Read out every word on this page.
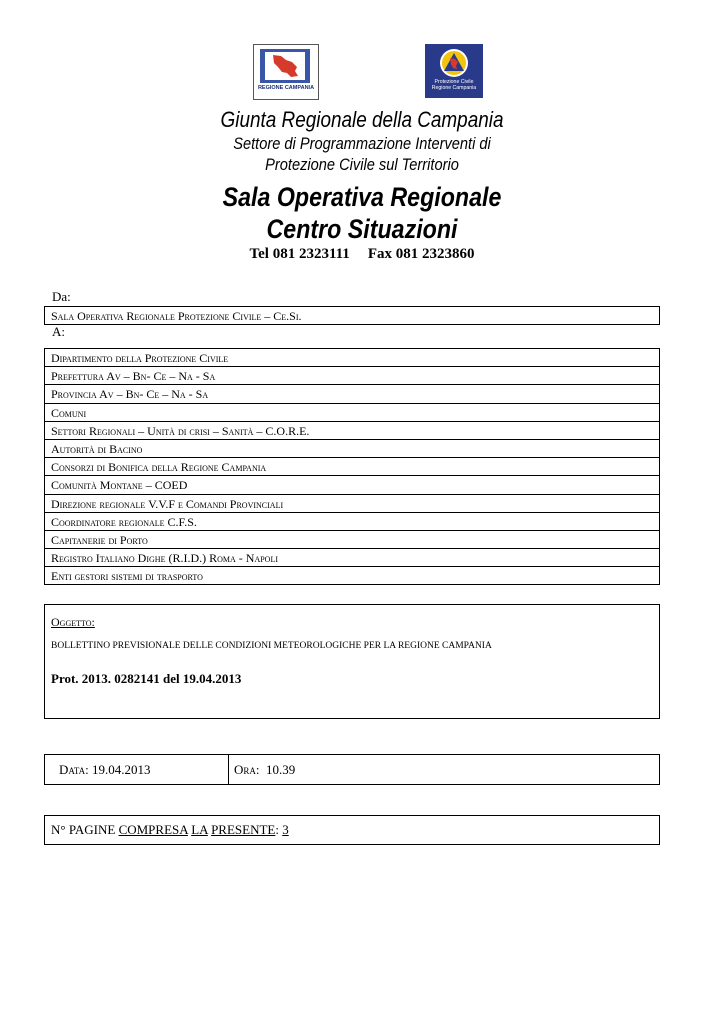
REGIONE CAMPANIA
Protezione Civile
Regione Campania
Giunta Regionale della Campania
Settore di Programmazione Interventi di
Protezione Civile sul Territorio
Sala Operativa Regionale
Centro Situazioni
Tel 081 2323111 Fax 081 2323860
Da:
Sala Operativa Regionale Protezione Civile – Ce.Si.
A:
Dipartimento della Protezione Civile
Prefettura Av – Bn- Ce – Na - Sa
Provincia Av – Bn- Ce – Na - Sa
Comuni
Settori Regionali – Unità di crisi – Sanità – C.O.R.E.
Autorità di Bacino
Consorzi di Bonifica della Regione Campania
Comunità Montane – COED
Direzione regionale V.V.F e Comandi Provinciali
Coordinatore regionale C.F.S.
Capitanerie di Porto
Registro Italiano Dighe (R.I.D.) Roma - Napoli
Enti gestori sistemi di trasporto
Oggetto:
BOLLETTINO PREVISIONALE DELLE CONDIZIONI METEOROLOGICHE PER LA REGIONE CAMPANIA
Prot. 2013. 0282141 del 19.04.2013
Data: 19.04.2013	Ora: 10.39
N° PAGINE COMPRESA LA PRESENTE: 3
